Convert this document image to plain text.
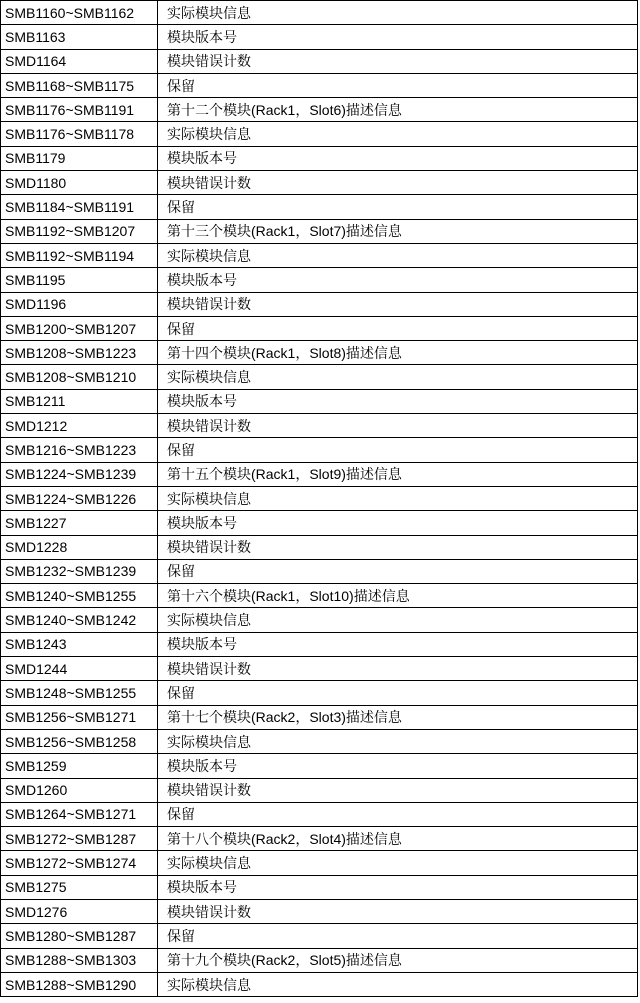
SMB1160~SMB1162	实际模块信息
SMB1163	模块版本号
SMD1164	模块错误计数
SMB1168~SMB1175	保留
SMB1176~SMB1191	第十二个模块(Rack1，Slot6)描述信息
SMB1176~SMB1178	实际模块信息
SMB1179	模块版本号
SMD1180	模块错误计数
SMB1184~SMB1191	保留
SMB1192~SMB1207	第十三个模块(Rack1，Slot7)描述信息
SMB1192~SMB1194	实际模块信息
SMB1195	模块版本号
SMD1196	模块错误计数
SMB1200~SMB1207	保留
SMB1208~SMB1223	第十四个模块(Rack1，Slot8)描述信息
SMB1208~SMB1210	实际模块信息
SMB1211	模块版本号
SMD1212	模块错误计数
SMB1216~SMB1223	保留
SMB1224~SMB1239	第十五个模块(Rack1，Slot9)描述信息
SMB1224~SMB1226	实际模块信息
SMB1227	模块版本号
SMD1228	模块错误计数
SMB1232~SMB1239	保留
SMB1240~SMB1255	第十六个模块(Rack1，Slot10)描述信息
SMB1240~SMB1242	实际模块信息
SMB1243	模块版本号
SMD1244	模块错误计数
SMB1248~SMB1255	保留
SMB1256~SMB1271	第十七个模块(Rack2，Slot3)描述信息
SMB1256~SMB1258	实际模块信息
SMB1259	模块版本号
SMD1260	模块错误计数
SMB1264~SMB1271	保留
SMB1272~SMB1287	第十八个模块(Rack2，Slot4)描述信息
SMB1272~SMB1274	实际模块信息
SMB1275	模块版本号
SMD1276	模块错误计数
SMB1280~SMB1287	保留
SMB1288~SMB1303	第十九个模块(Rack2，Slot5)描述信息
SMB1288~SMB1290	实际模块信息
